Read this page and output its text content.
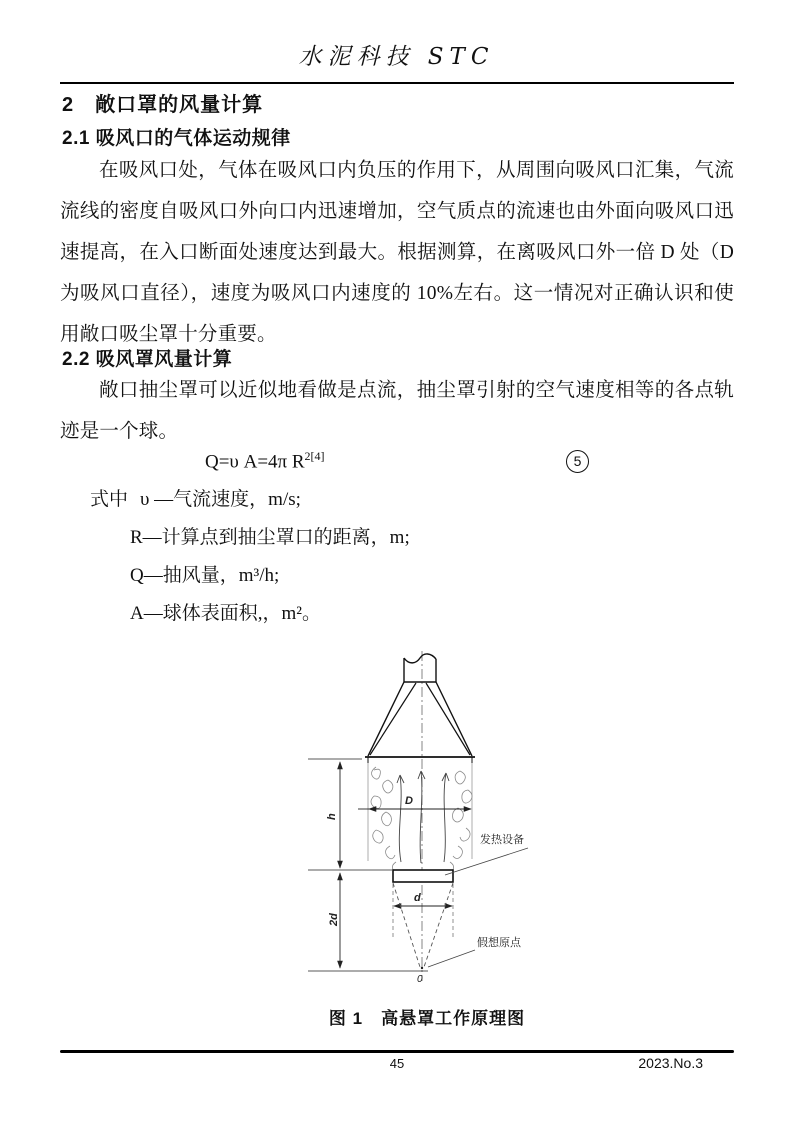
水泥科技 STC
2　敞口罩的风量计算
2.1 吸风口的气体运动规律
在吸风口处，气体在吸风口内负压的作用下，从周围向吸风口汇集，气流流线的密度自吸风口外向口内迅速增加，空气质点的流速也由外面向吸风口迅速提高，在入口断面处速度达到最大。根据测算，在离吸风口外一倍 D 处（D 为吸风口直径），速度为吸风口内速度的 10%左右。这一情况对正确认识和使用敞口吸尘罩十分重要。
2.2 吸风罩风量计算
敞口抽尘罩可以近似地看做是点流，抽尘罩引射的空气速度相等的各点轨迹是一个球。
Q=υ A=4π $R^{2[4]}$	5
式中 υ —气流速度，m/s;
R—计算点到抽尘罩口的距离，m;
Q—抽风量，m³/h;
A—球体表面积,，m²。
D
h
2d
d
0
发热设备
假想原点
图 1　高悬罩工作原理图
45	2023.No.3
